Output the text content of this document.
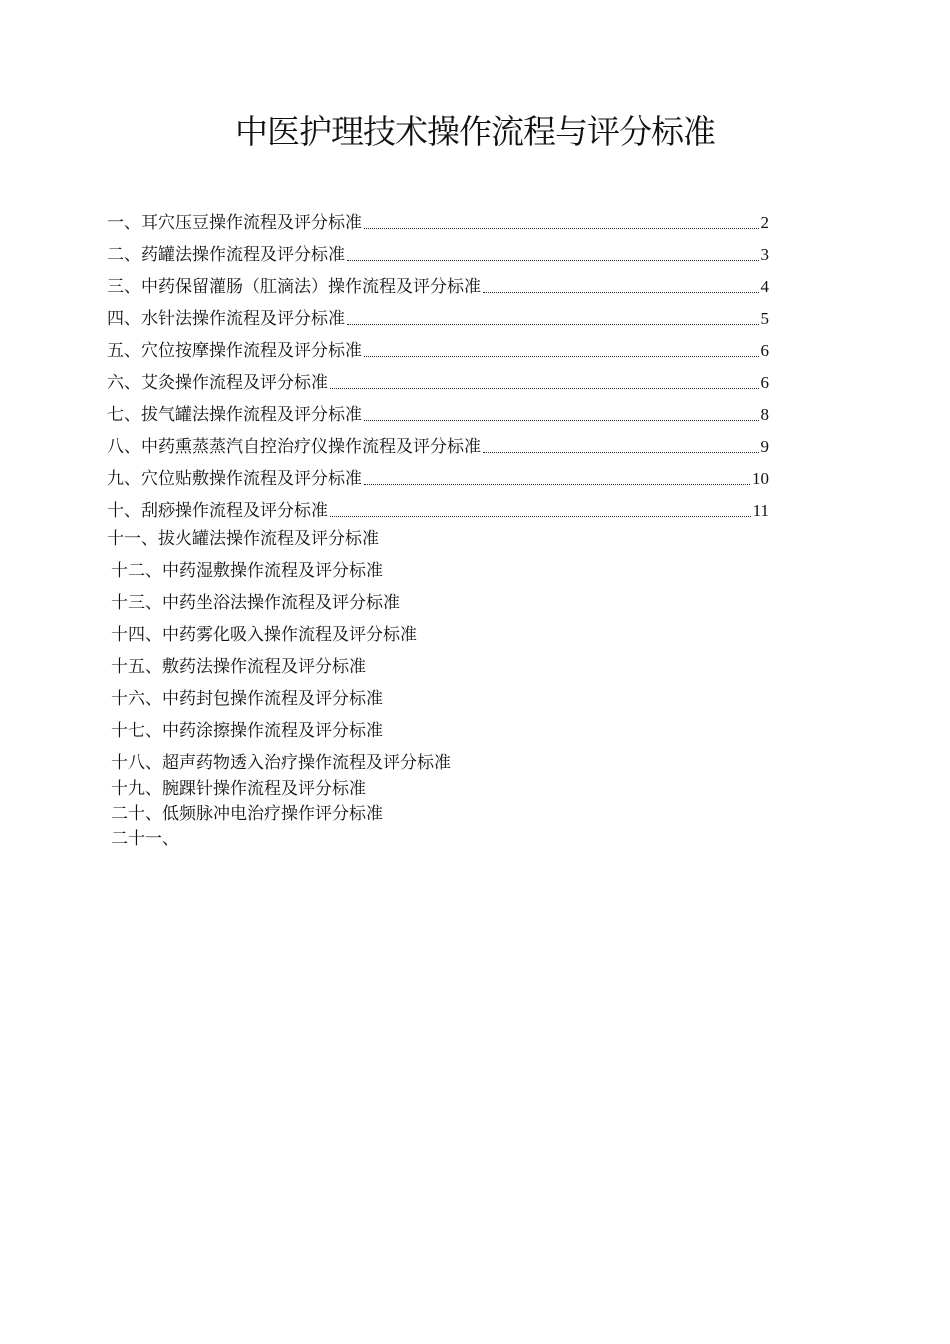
中医护理技术操作流程与评分标准
一、耳穴压豆操作流程及评分标准	2
二、药罐法操作流程及评分标准	3
三、中药保留灌肠（肛滴法）操作流程及评分标准	4
四、水针法操作流程及评分标准	5
五、穴位按摩操作流程及评分标准	6
六、艾灸操作流程及评分标准	6
七、拔气罐法操作流程及评分标准	8
八、中药熏蒸蒸汽自控治疗仪操作流程及评分标准	9
九、穴位贴敷操作流程及评分标准	10
十、刮痧操作流程及评分标准	11
十一、拔火罐法操作流程及评分标准
十二、中药湿敷操作流程及评分标准
十三、中药坐浴法操作流程及评分标准
十四、中药雾化吸入操作流程及评分标准
十五、敷药法操作流程及评分标准
十六、中药封包操作流程及评分标准
十七、中药涂擦操作流程及评分标准
十八、超声药物透入治疗操作流程及评分标准
十九、腕踝针操作流程及评分标准
二十、低频脉冲电治疗操作评分标准
二十一、
